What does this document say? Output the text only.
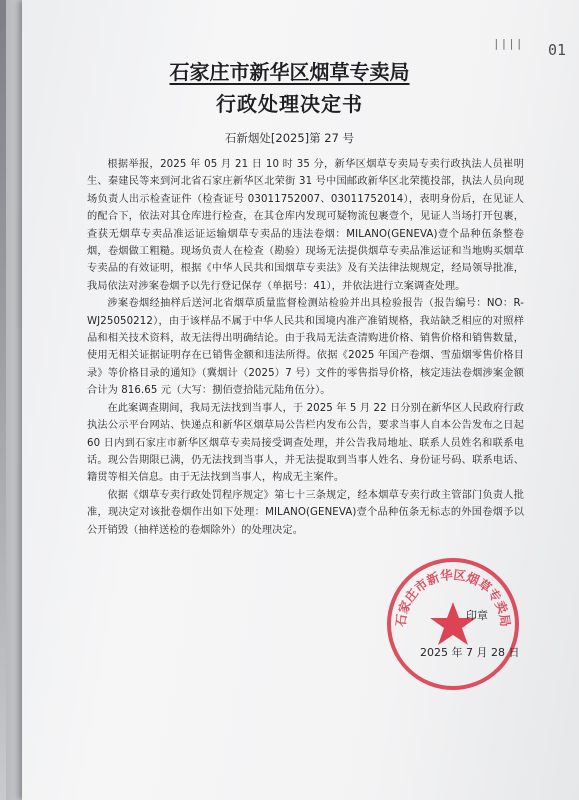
|||| 01
石家庄市新华区烟草专卖局
行政处理决定书
石新烟处[2025]第 27 号

根据举报，2025 年 05 月 21 日 10 时 35 分，新华区烟草专卖局专卖行政执法人员崔明生、秦建民等来到河北省石家庄新华区北荣街 31 号中国邮政新华区北荣揽投部，执法人员向现场负责人出示检查证件（检查证号 03011752007、03011752014），表明身份后，在见证人的配合下，依法对其仓库进行检查，在其仓库内发现可疑物流包裹壹个，见证人当场打开包裹，查获无烟草专卖品准运证运输烟草专卖品的违法卷烟：MILANO(GENEVA)壹个品种伍条整卷烟，卷烟做工粗糙。现场负责人在检查（勘验）现场无法提供烟草专卖品准运证和当地购买烟草专卖品的有效证明，根据《中华人民共和国烟草专卖法》及有关法律法规规定，经局领导批准，我局依法对涉案卷烟予以先行登记保存（单据号：41），并依法进行立案调查处理。

涉案卷烟经抽样后送河北省烟草质量监督检测站检验并出具检验报告（报告编号：NO：R-WJ25050212），由于该样品不属于中华人民共和国境内准产准销规格，我站缺乏相应的对照样品和相关技术资料，故无法得出明确结论。由于我局无法查清购进价格、销售价格和销售数量，使用无相关证据证明存在已销售金额和违法所得。依据《2025 年国产卷烟、雪茄烟零售价格目录》等价格目录的通知》（冀烟计（2025）7 号）文件的零售指导价格，核定违法卷烟涉案金额合计为 816.65 元（大写：捌佰壹拾陆元陆角伍分）。

在此案调查期间，我局无法找到当事人，于 2025 年 5 月 22 日分别在新华区人民政府行政执法公示平台网站、快递点和新华区烟草局公告栏内发布公告，要求当事人自本公告发布之日起 60 日内到石家庄市新华区烟草专卖局接受调查处理，并公告我局地址、联系人员姓名和联系电话。现公告期限已满，仍无法找到当事人，并无法提取到当事人姓名、身份证号码、联系电话、籍贯等相关信息。由于无法找到当事人，构成无主案件。

依据《烟草专卖行政处罚程序规定》第七十三条规定，经本烟草专卖行政主管部门负责人批准，现决定对该批卷烟作出如下处理：MILANO(GENEVA)壹个品种伍条无标志的外国卷烟予以公开销毁（抽样送检的卷烟除外）的处理决定。

石家庄市新华区烟草专卖局
印章
2025 年 7 月 28 日
